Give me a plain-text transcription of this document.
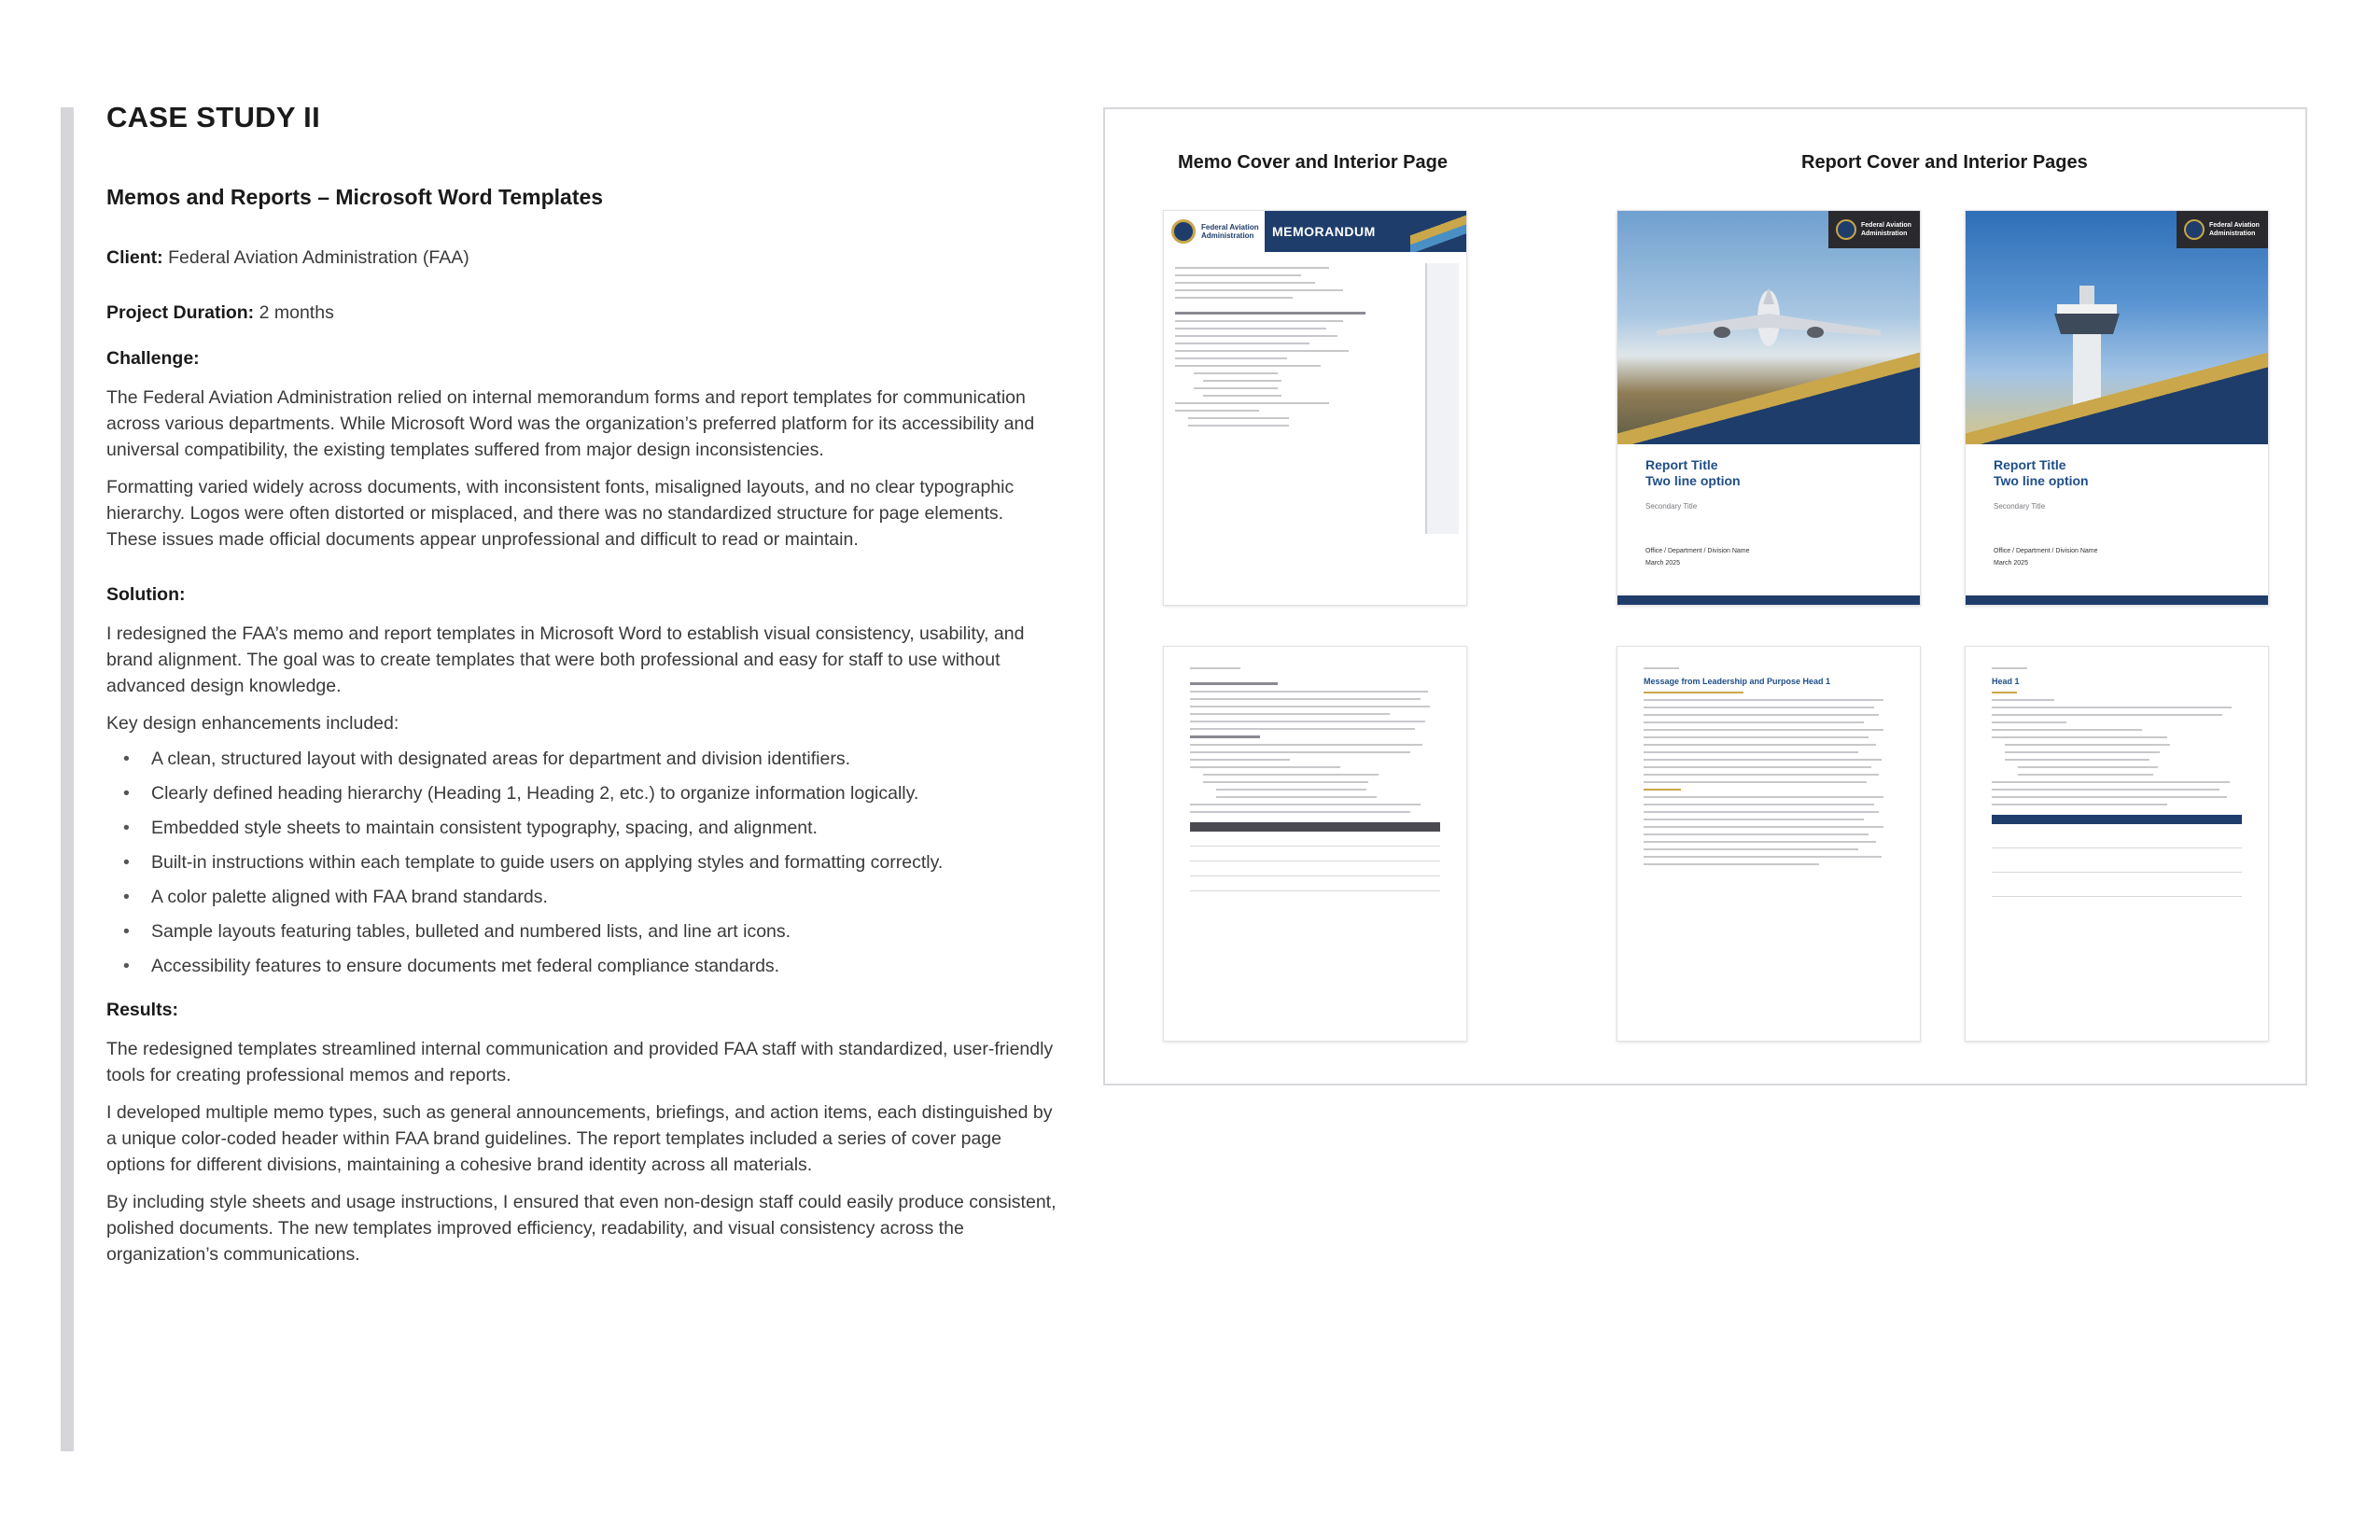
CASE STUDY II
Memos and Reports – Microsoft Word Templates
Client: Federal Aviation Administration (FAA)
Project Duration: 2 months
Challenge:

The Federal Aviation Administration relied on internal memorandum forms and report templates for communication across various departments. While Microsoft Word was the organization’s preferred platform for its accessibility and universal compatibility, the existing templates suffered from major design inconsistencies.

Formatting varied widely across documents, with inconsistent fonts, misaligned layouts, and no clear typographic hierarchy. Logos were often distorted or misplaced, and there was no standardized structure for page elements. These issues made official documents appear unprofessional and difficult to read or maintain.

Solution:

I redesigned the FAA’s memo and report templates in Microsoft Word to establish visual consistency, usability, and brand alignment. The goal was to create templates that were both professional and easy for staff to use without advanced design knowledge.

Key design enhancements included:

• A clean, structured layout with designated areas for department and division identifiers.
• Clearly defined heading hierarchy (Heading 1, Heading 2, etc.) to organize information logically.
• Embedded style sheets to maintain consistent typography, spacing, and alignment.
• Built-in instructions within each template to guide users on applying styles and formatting correctly.
• A color palette aligned with FAA brand standards.
• Sample layouts featuring tables, bulleted and numbered lists, and line art icons.
• Accessibility features to ensure documents met federal compliance standards.
Results:

The redesigned templates streamlined internal communication and provided FAA staff with standardized, user-friendly tools for creating professional memos and reports.

I developed multiple memo types, such as general announcements, briefings, and action items, each distinguished by a unique color-coded header within FAA brand guidelines. The report templates included a series of cover page options for different divisions, maintaining a cohesive brand identity across all materials.

By including style sheets and usage instructions, I ensured that even non-design staff could easily produce consistent, polished documents. The new templates improved efficiency, readability, and visual consistency across the organization’s communications.

Memo Cover and Interior Page	Report Cover and Interior Pages
Federal Aviation Administration	MEMORANDUM	Federal Aviation Administration
Report Title
Two line option
Secondary Title
Office / Department / Division Name
March 2025
Federal Aviation Administration
Report Title
Two line option
Secondary Title
Office / Department / Division Name
March 2025
Message from Leadership and Purpose Head 1	Head 1
